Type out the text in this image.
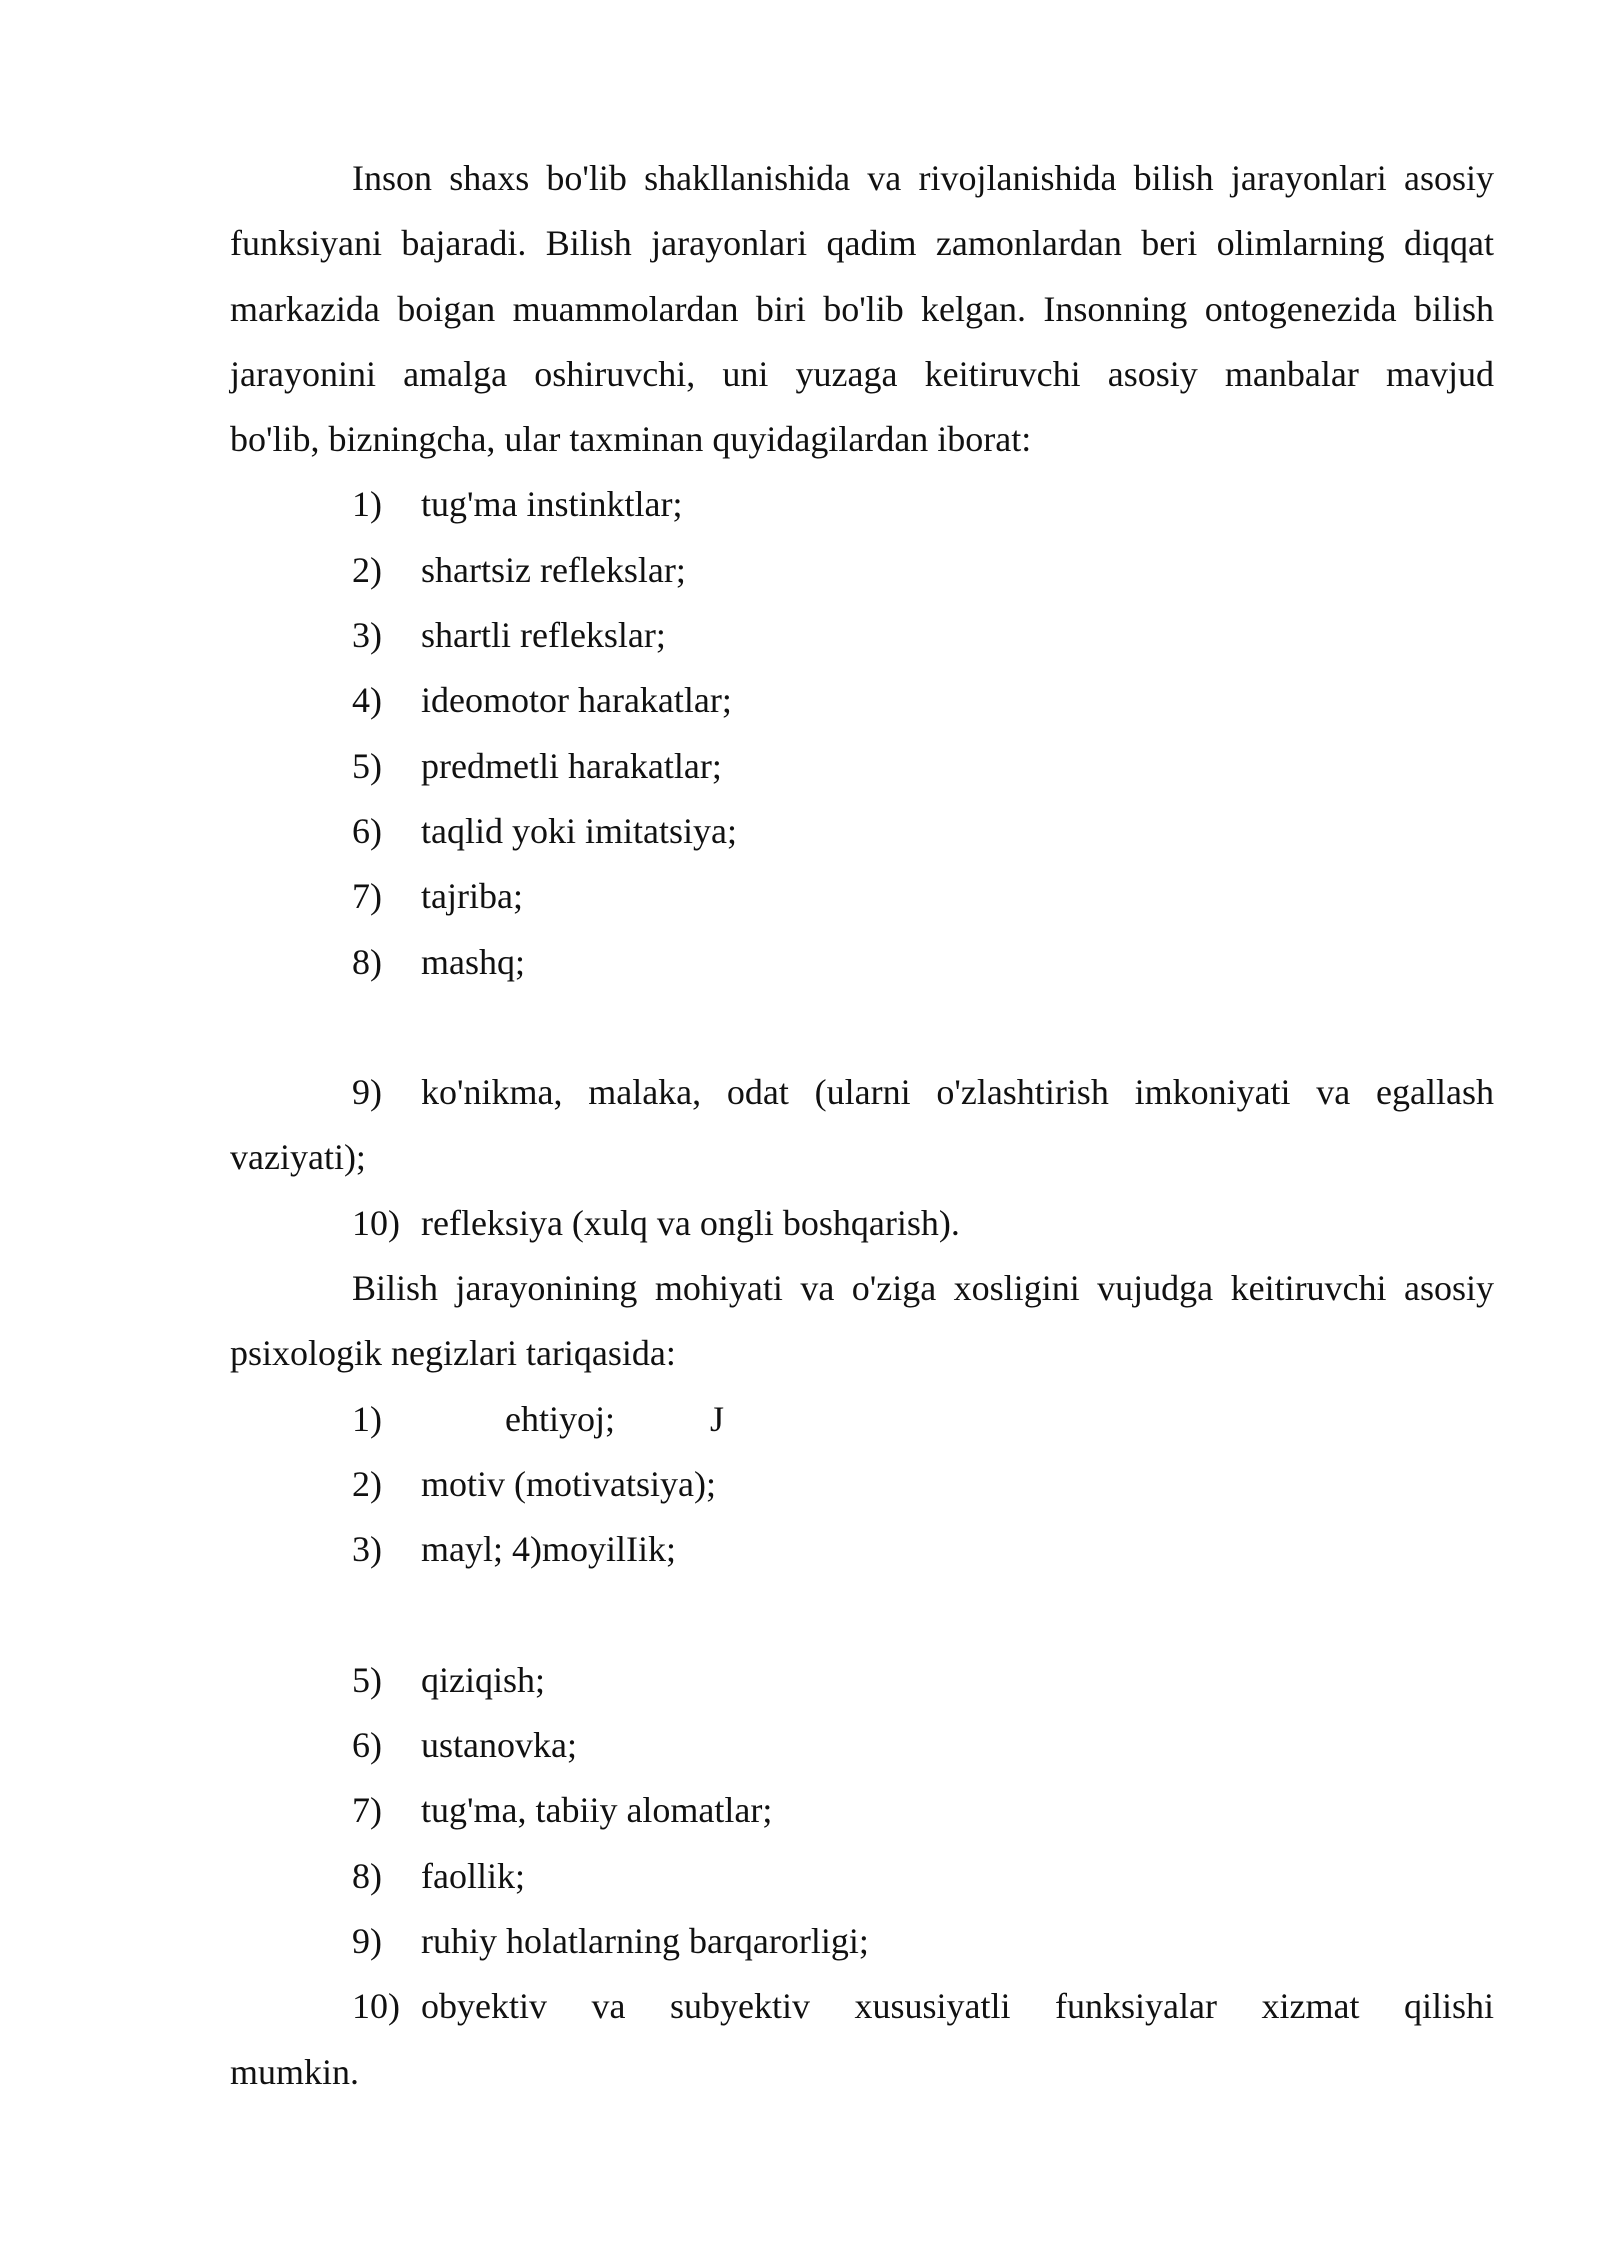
Inson shaxs bo'lib shakllanishida va rivojlanishida bilish jarayonlari asosiy
funksiyani bajaradi. Bilish jarayonlari qadim zamonlardan beri olimlarning diqqat
markazida boigan muammolardan biri bo'lib kelgan. Insonning ontogenezida bilish
jarayonini amalga oshiruvchi, uni yuzaga keitiruvchi asosiy manbalar mavjud
bo'lib, bizningcha, ular taxminan quyidagilardan iborat:
1) tug'ma instinktlar;
2) shartsiz reflekslar;
3) shartli reflekslar;
4) ideomotor harakatlar;
5) predmetli harakatlar;
6) taqlid yoki imitatsiya;
7) tajriba;
8) mashq;
9) ko'nikma, malaka, odat (ularni o'zlashtirish imkoniyati va egallash
vaziyati);
10) refleksiya (xulq va ongli boshqarish).
Bilish jarayonining mohiyati va o'ziga xosligini vujudga keitiruvchi asosiy
psixologik negizlari tariqasida:
1)	ehtiyoj;	J
2) motiv (motivatsiya);
3) mayl; 4)moyilIik;
5) qiziqish;
6) ustanovka;
7) tug'ma, tabiiy alomatlar;
8) faollik;
9) ruhiy holatlarning barqarorligi;
10) obyektiv va subyektiv xususiyatli funksiyalar xizmat qilishi
mumkin.
